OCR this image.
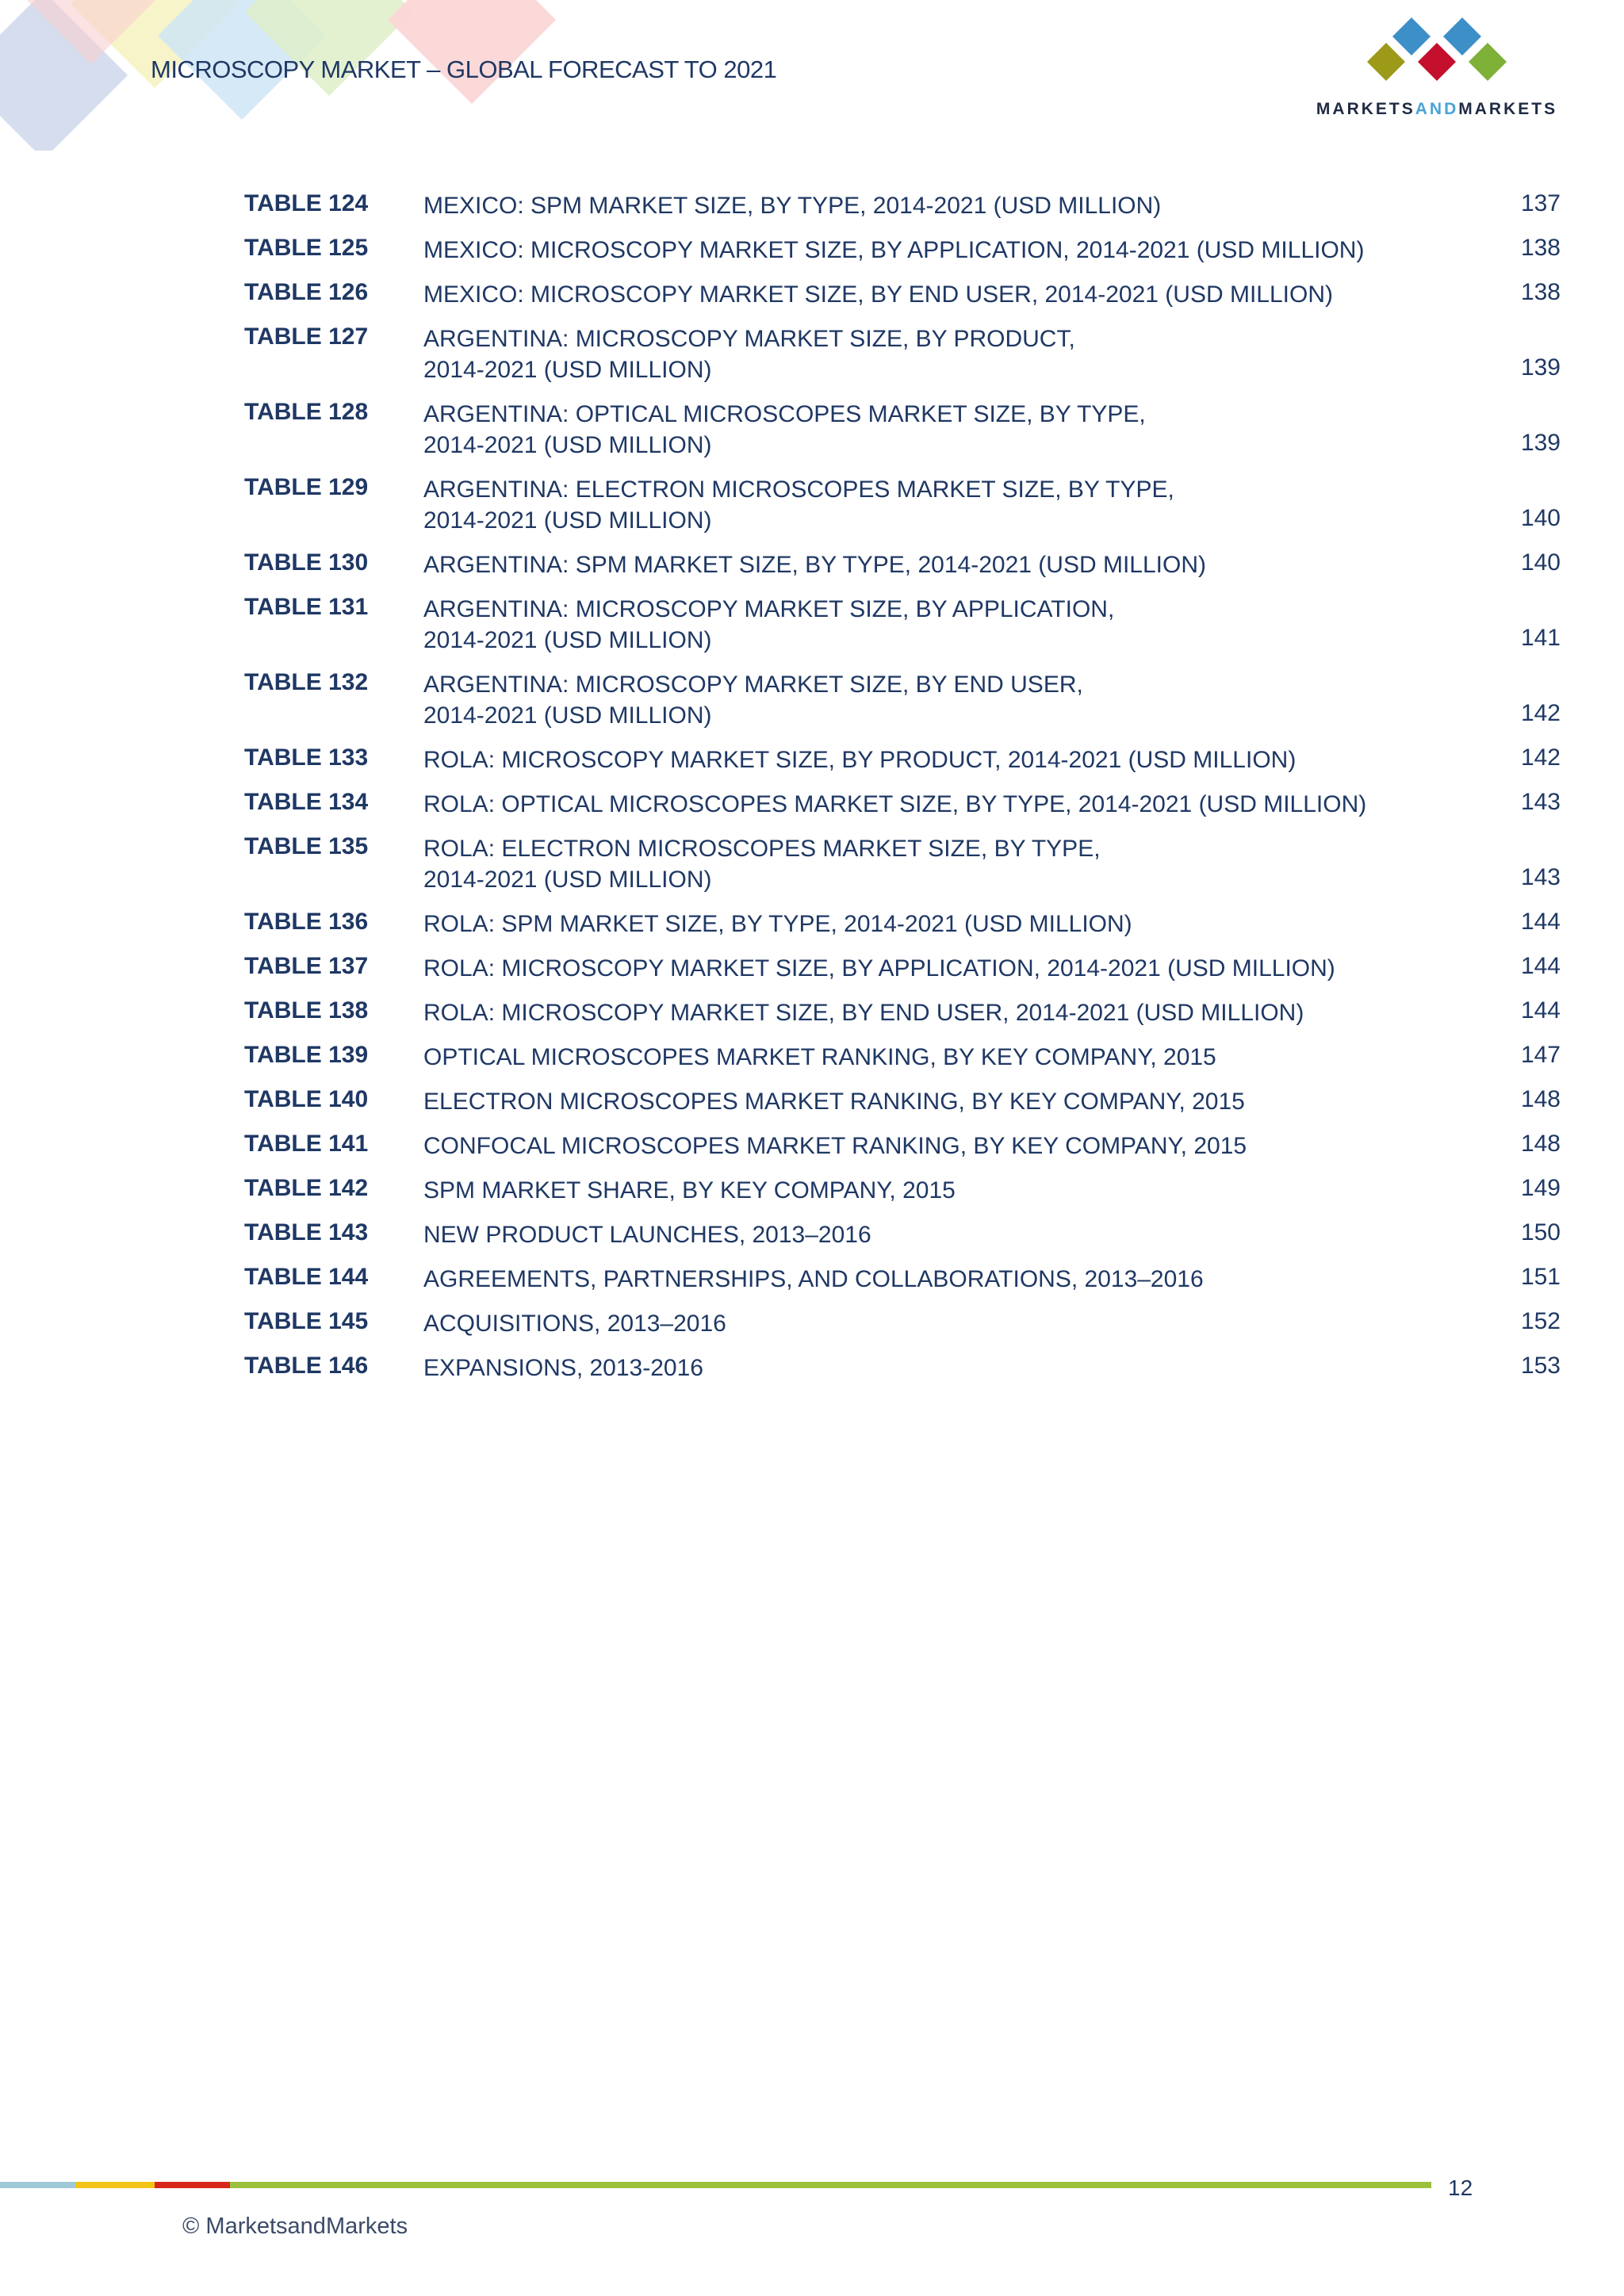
MICROSCOPY MARKET – GLOBAL FORECAST TO 2021
MARKETSANDMARKETS
TABLE 124 MEXICO: SPM MARKET SIZE, BY TYPE, 2014-2021 (USD MILLION)	137
TABLE 125 MEXICO: MICROSCOPY MARKET SIZE, BY APPLICATION, 2014-2021 (USD MILLION)	138
TABLE 126 MEXICO: MICROSCOPY MARKET SIZE, BY END USER, 2014-2021 (USD MILLION)	138
TABLE 127 ARGENTINA: MICROSCOPY MARKET SIZE, BY PRODUCT,
2014-2021 (USD MILLION)	139
TABLE 128 ARGENTINA: OPTICAL MICROSCOPES MARKET SIZE, BY TYPE,
2014-2021 (USD MILLION)	139
TABLE 129 ARGENTINA: ELECTRON MICROSCOPES MARKET SIZE, BY TYPE,
2014-2021 (USD MILLION)	140
TABLE 130 ARGENTINA: SPM MARKET SIZE, BY TYPE, 2014-2021 (USD MILLION)	140
TABLE 131 ARGENTINA: MICROSCOPY MARKET SIZE, BY APPLICATION,
2014-2021 (USD MILLION)	141
TABLE 132 ARGENTINA: MICROSCOPY MARKET SIZE, BY END USER,
2014-2021 (USD MILLION)	142
TABLE 133 ROLA: MICROSCOPY MARKET SIZE, BY PRODUCT, 2014-2021 (USD MILLION)	142
TABLE 134 ROLA: OPTICAL MICROSCOPES MARKET SIZE, BY TYPE, 2014-2021 (USD MILLION)	143
TABLE 135 ROLA: ELECTRON MICROSCOPES MARKET SIZE, BY TYPE,
2014-2021 (USD MILLION)	143
TABLE 136 ROLA: SPM MARKET SIZE, BY TYPE, 2014-2021 (USD MILLION)	144
TABLE 137 ROLA: MICROSCOPY MARKET SIZE, BY APPLICATION, 2014-2021 (USD MILLION)	144
TABLE 138 ROLA: MICROSCOPY MARKET SIZE, BY END USER, 2014-2021 (USD MILLION)	144
TABLE 139 OPTICAL MICROSCOPES MARKET RANKING, BY KEY COMPANY, 2015	147
TABLE 140 ELECTRON MICROSCOPES MARKET RANKING, BY KEY COMPANY, 2015	148
TABLE 141 CONFOCAL MICROSCOPES MARKET RANKING, BY KEY COMPANY, 2015	148
TABLE 142 SPM MARKET SHARE, BY KEY COMPANY, 2015	149
TABLE 143 NEW PRODUCT LAUNCHES, 2013–2016	150
TABLE 144 AGREEMENTS, PARTNERSHIPS, AND COLLABORATIONS, 2013–2016	151
TABLE 145 ACQUISITIONS, 2013–2016	152
TABLE 146 EXPANSIONS, 2013-2016	153
12
© MarketsandMarkets
